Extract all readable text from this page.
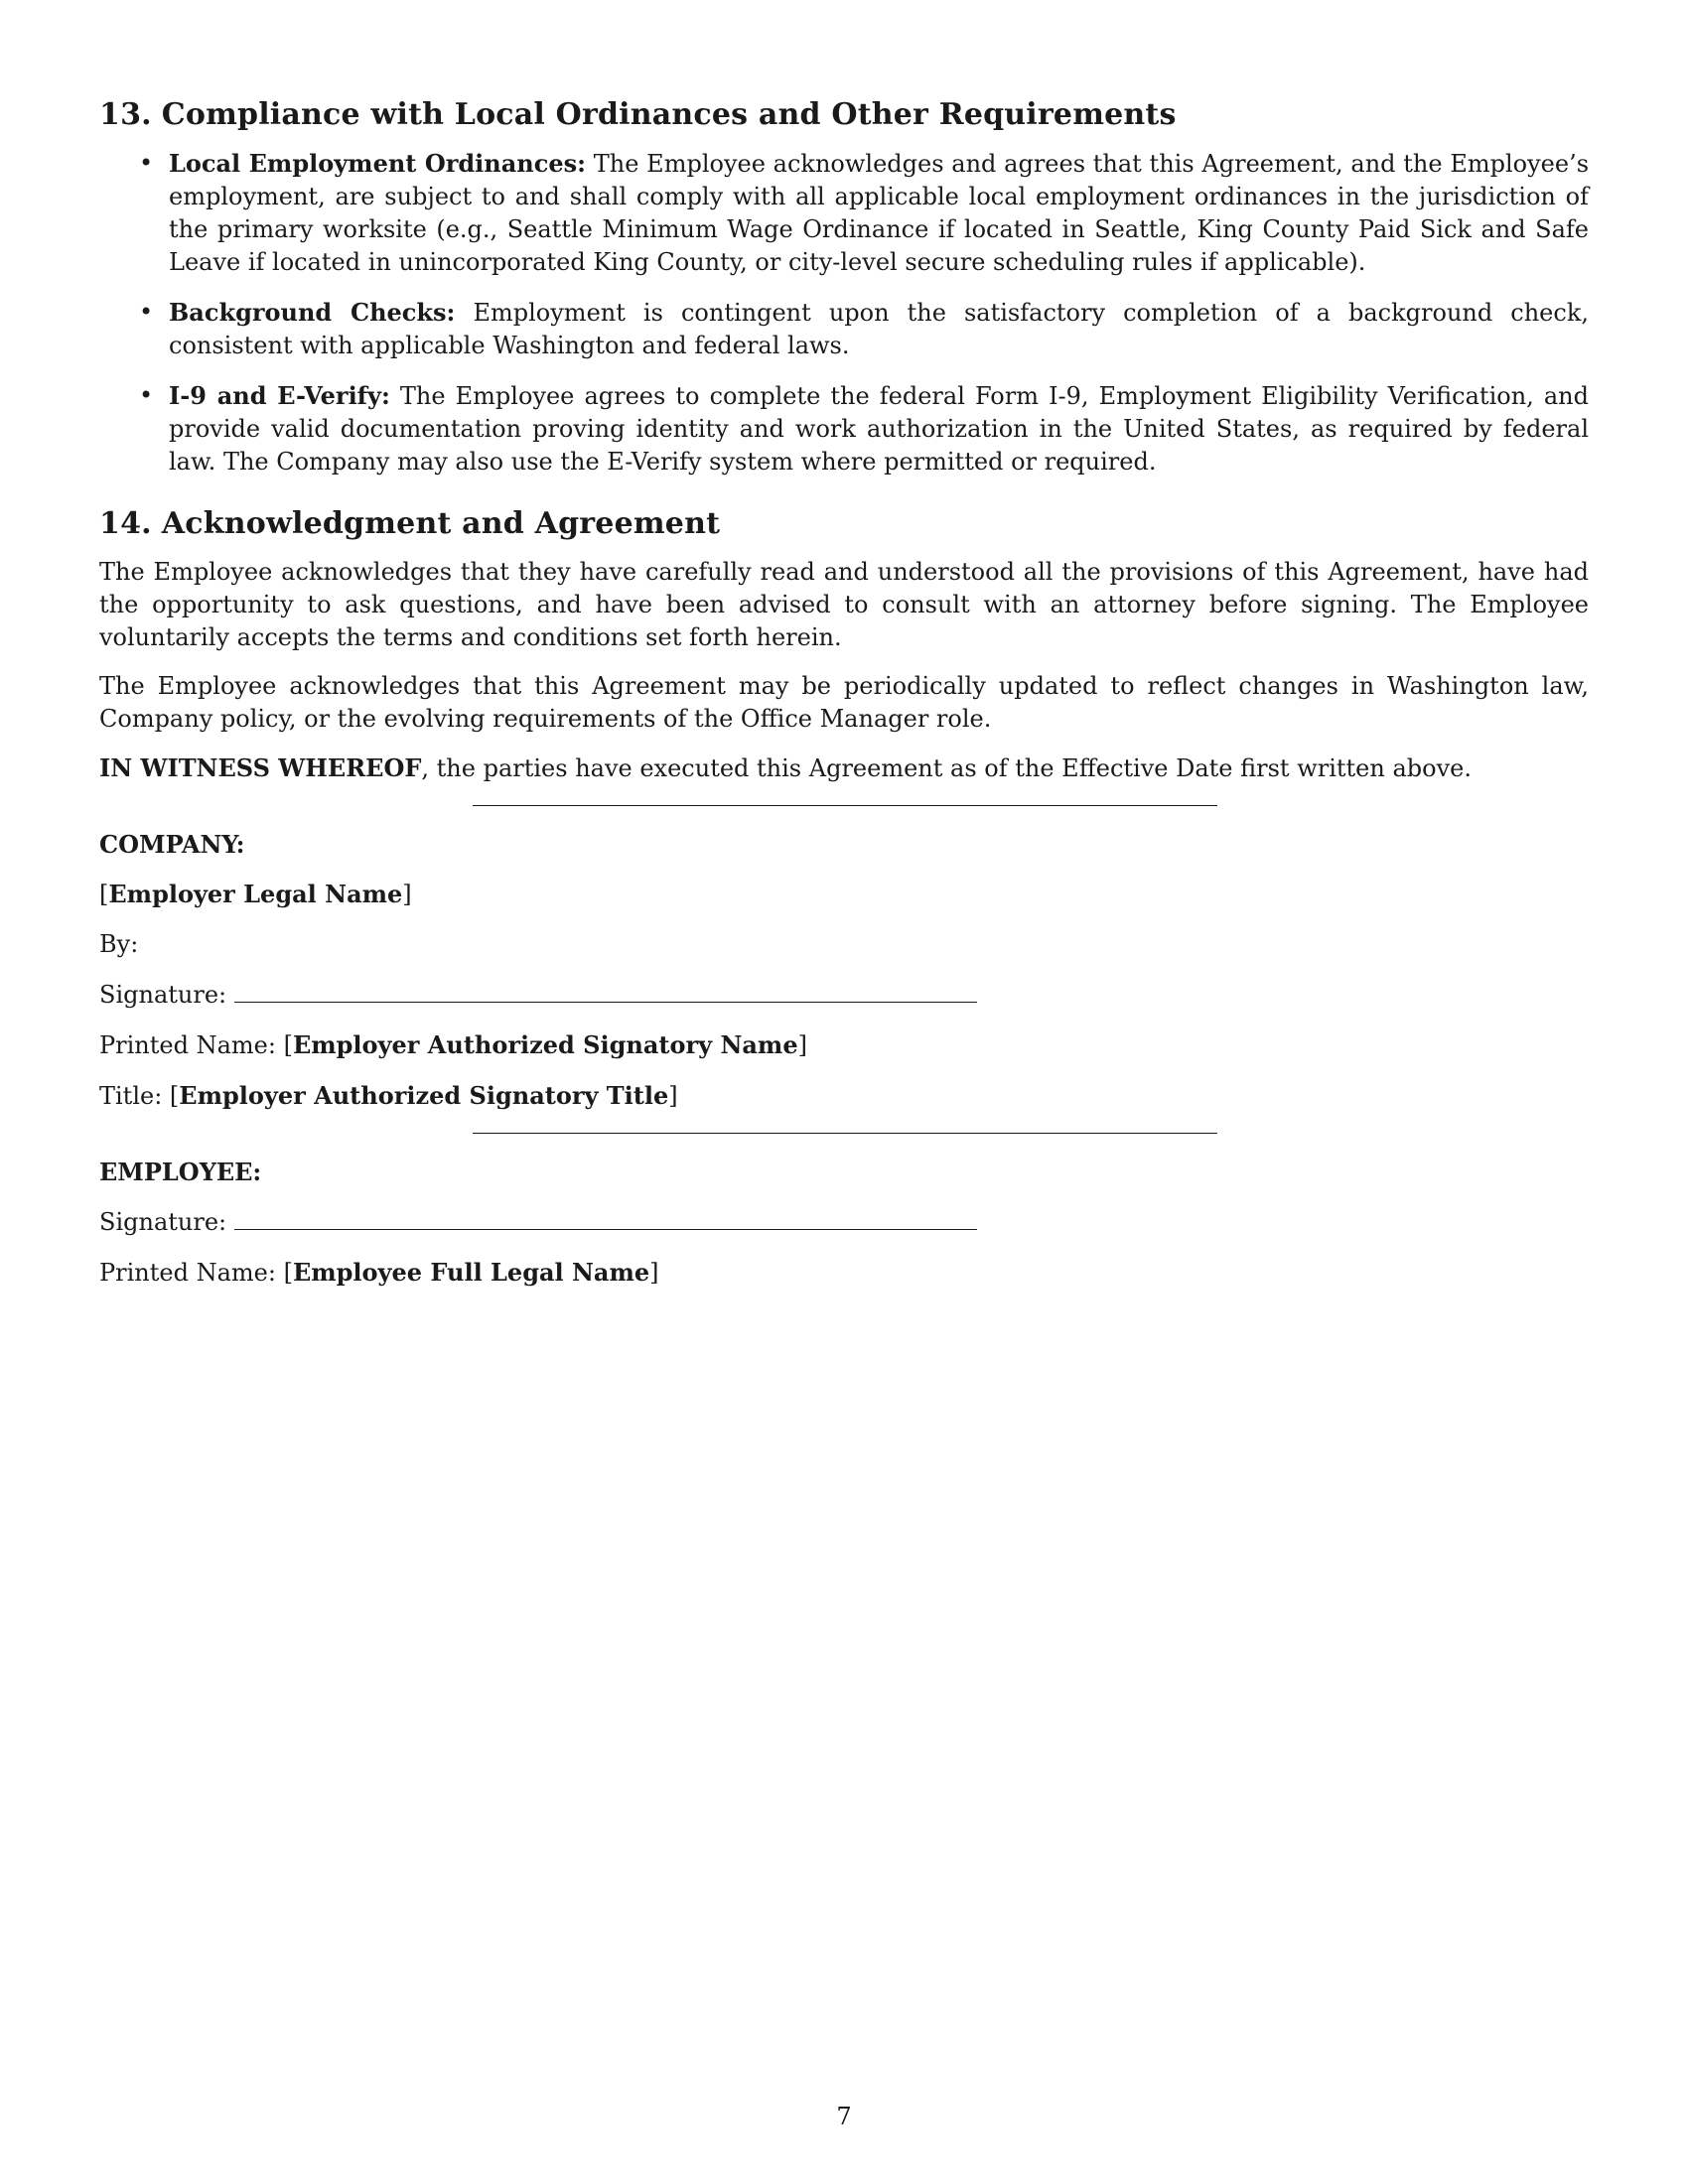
13. Compliance with Local Ordinances and Other Requirements
• Local Employment Ordinances: The Employee acknowledges and agrees that this Agreement, and the Employee’s employment, are subject to and shall comply with all applicable local employment ordinances in the jurisdiction of the primary worksite (e.g., Seattle Minimum Wage Ordinance if located in Seattle, King County Paid Sick and Safe Leave if located in unincorporated King County, or city-level secure scheduling rules if applicable).
• Background Checks: Employment is contingent upon the satisfactory completion of a background check, consistent with applicable Washington and federal laws.
• I-9 and E-Verify: The Employee agrees to complete the federal Form I-9, Employment Eligibility Verification, and provide valid documentation proving identity and work authorization in the United States, as required by federal law. The Company may also use the E-Verify system where permitted or required.
14. Acknowledgment and Agreement

The Employee acknowledges that they have carefully read and understood all the provisions of this Agreement, have had the opportunity to ask questions, and have been advised to consult with an attorney before signing. The Employee voluntarily accepts the terms and conditions set forth herein.

The Employee acknowledges that this Agreement may be periodically updated to reflect changes in Washington law, Company policy, or the evolving requirements of the Office Manager role.

IN WITNESS WHEREOF, the parties have executed this Agreement as of the Effective Date first written above.

COMPANY:
[Employer Legal Name]
By:
Signature:
Printed Name: [Employer Authorized Signatory Name]
Title: [Employer Authorized Signatory Title]
EMPLOYEE:
Signature:
Printed Name: [Employee Full Legal Name]
7
